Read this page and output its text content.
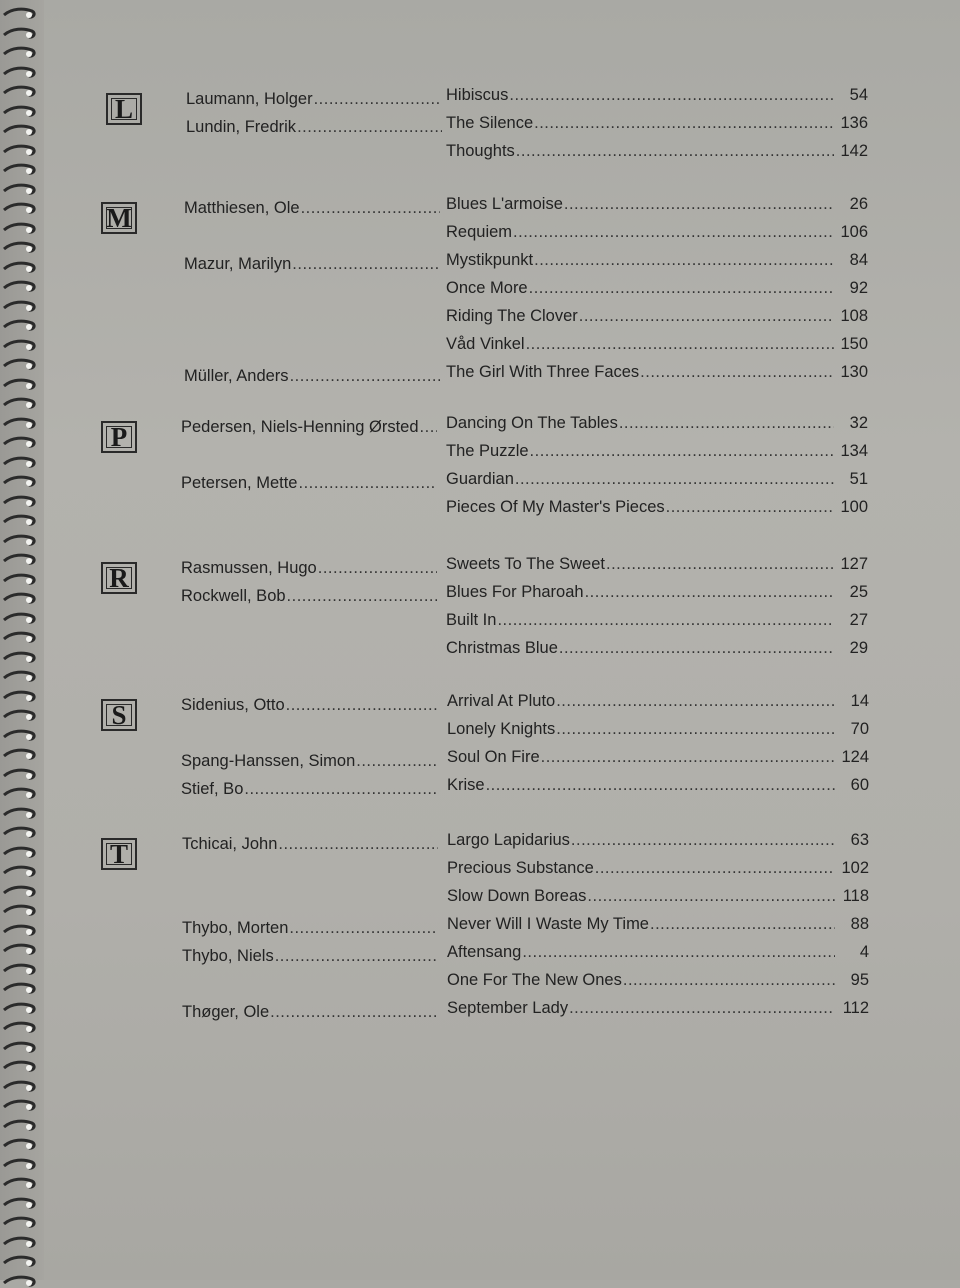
L	Laumann, Holger .....	Hibiscus .....	54
Lundin, Fredrik .....	The Silence .....	136
Thoughts .....	142
M	Matthiesen, Ole .....	Blues L'armoise .....	26
Requiem .....	106
Mazur, Marilyn .....	Mystikpunkt .....	84
Once More .....	92
Riding The Clover .....	108
Våd Vinkel .....	150
Müller, Anders .....	The Girl With Three Faces .....	130
P	Pedersen, Niels-Henning Ørsted ..... Dancing On The Tables .....	32
The Puzzle .....	134
Petersen, Mette .....	Guardian .....	51
Pieces Of My Master's Pieces .....	100
R	Rasmussen, Hugo .....	Sweets To The Sweet .....	127
Rockwell, Bob .....	Blues For Pharoah .....	25
Built In .....	27
Christmas Blue .....	29
S	Sidenius, Otto .....	Arrival At Pluto .....	14
Lonely Knights .....	70
Spang-Hanssen, Simon .....	Soul On Fire .....	124
Stief, Bo .....	Krise .....	60
T	Tchicai, John .....	Largo Lapidarius .....	63
Precious Substance .....	102
Slow Down Boreas .....	118
Thybo, Morten .....	Never Will I Waste My Time .....	88
Thybo, Niels .....	Aftensang .....	4
One For The New Ones .....	95
Thøger, Ole .....	September Lady .....	112
